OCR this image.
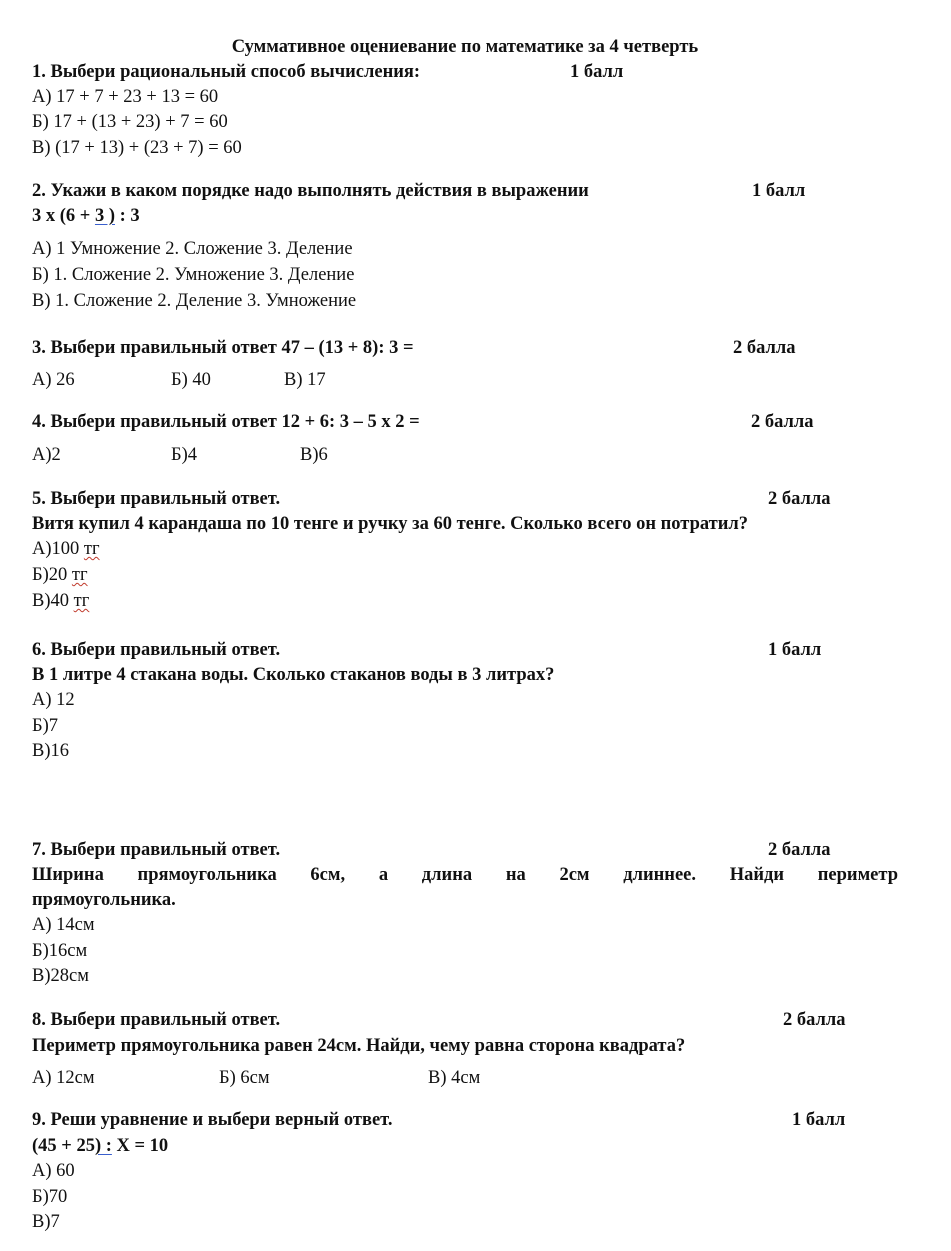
Суммативное оцениевание по математике за 4 четверть
1. Выбери рациональный способ вычисления:	1 балл
А) 17 + 7 + 23 + 13 = 60
Б) 17 + (13 + 23) + 7 = 60
В) (17 + 13) + (23 + 7) = 60
2. Укажи в каком порядке надо выполнять действия в выражении	1 балл
3 х (6 + 3 ) : 3
А) 1 Умножение 2. Сложение 3. Деление
Б) 1. Сложение 2. Умножение 3. Деление
В) 1. Сложение 2. Деление 3. Умножение
3. Выбери правильный ответ 47 – (13 + 8): 3 =	2 балла
А) 26	Б) 40	В) 17
4. Выбери правильный ответ 12 + 6: 3 – 5 х 2 =	2 балла
А)2	Б)4	В)6
5. Выбери правильный ответ.	2 балла
Витя купил 4 карандаша по 10 тенге и ручку за 60 тенге. Сколько всего он потратил?
А)100 тг
Б)20 тг
В)40 тг
6. Выбери правильный ответ.	1 балл
В 1 литре 4 стакана воды. Сколько стаканов воды в 3 литрах?
А) 12
Б)7
В)16
7. Выбери правильный ответ.	2 балла
Ширина прямоугольника 6см, а длина на 2см длиннее. Найди периметр
прямоугольника.
А) 14см
Б)16см
В)28см
8. Выбери правильный ответ.	2 балла
Периметр прямоугольника равен 24см. Найди, чему равна сторона квадрата?
А) 12см	Б) 6см	В) 4см
9. Реши уравнение и выбери верный ответ.	1 балл
(45 + 25) : Х = 10
А) 60
Б)70
В)7
